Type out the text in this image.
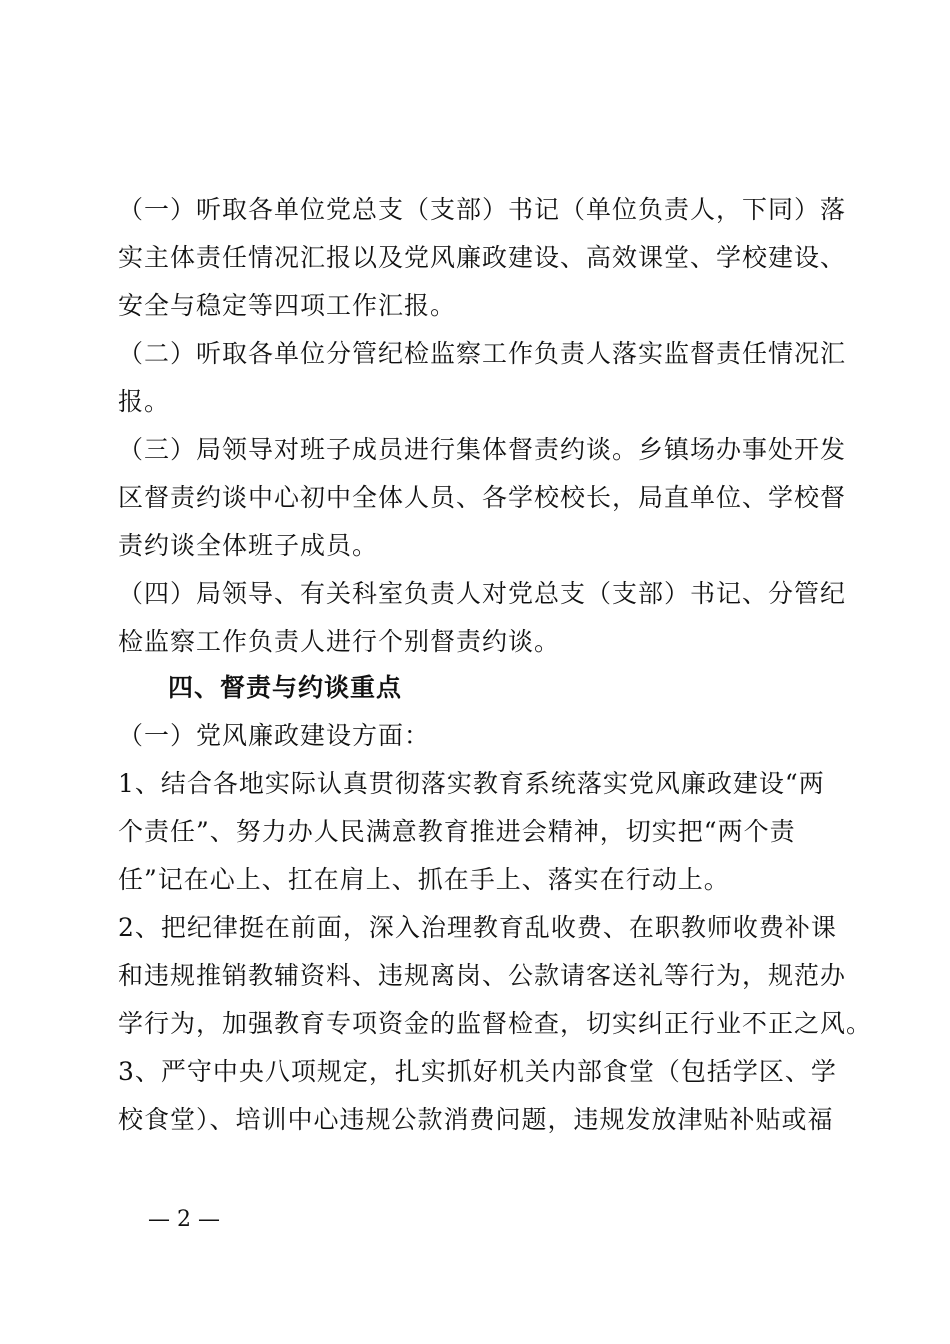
（一）听取各单位党总支（支部）书记（单位负责人，下同）落
实主体责任情况汇报以及党风廉政建设、高效课堂、学校建设、
安全与稳定等四项工作汇报。
（二）听取各单位分管纪检监察工作负责人落实监督责任情况汇
报。
（三）局领导对班子成员进行集体督责约谈。乡镇场办事处开发
区督责约谈中心初中全体人员、各学校校长，局直单位、学校督
责约谈全体班子成员。
（四）局领导、有关科室负责人对党总支（支部）书记、分管纪
检监察工作负责人进行个别督责约谈。
四、督责与约谈重点
（一）党风廉政建设方面：
1、结合各地实际认真贯彻落实教育系统落实党风廉政建设“两
个责任”、努力办人民满意教育推进会精神，切实把“两个责
任”记在心上、扛在肩上、抓在手上、落实在行动上。
2、把纪律挺在前面，深入治理教育乱收费、在职教师收费补课
和违规推销教辅资料、违规离岗、公款请客送礼等行为，规范办
学行为，加强教育专项资金的监督检查，切实纠正行业不正之风。
3、严守中央八项规定，扎实抓好机关内部食堂（包括学区、学
校食堂）、培训中心违规公款消费问题，违规发放津贴补贴或福
— 2 —
